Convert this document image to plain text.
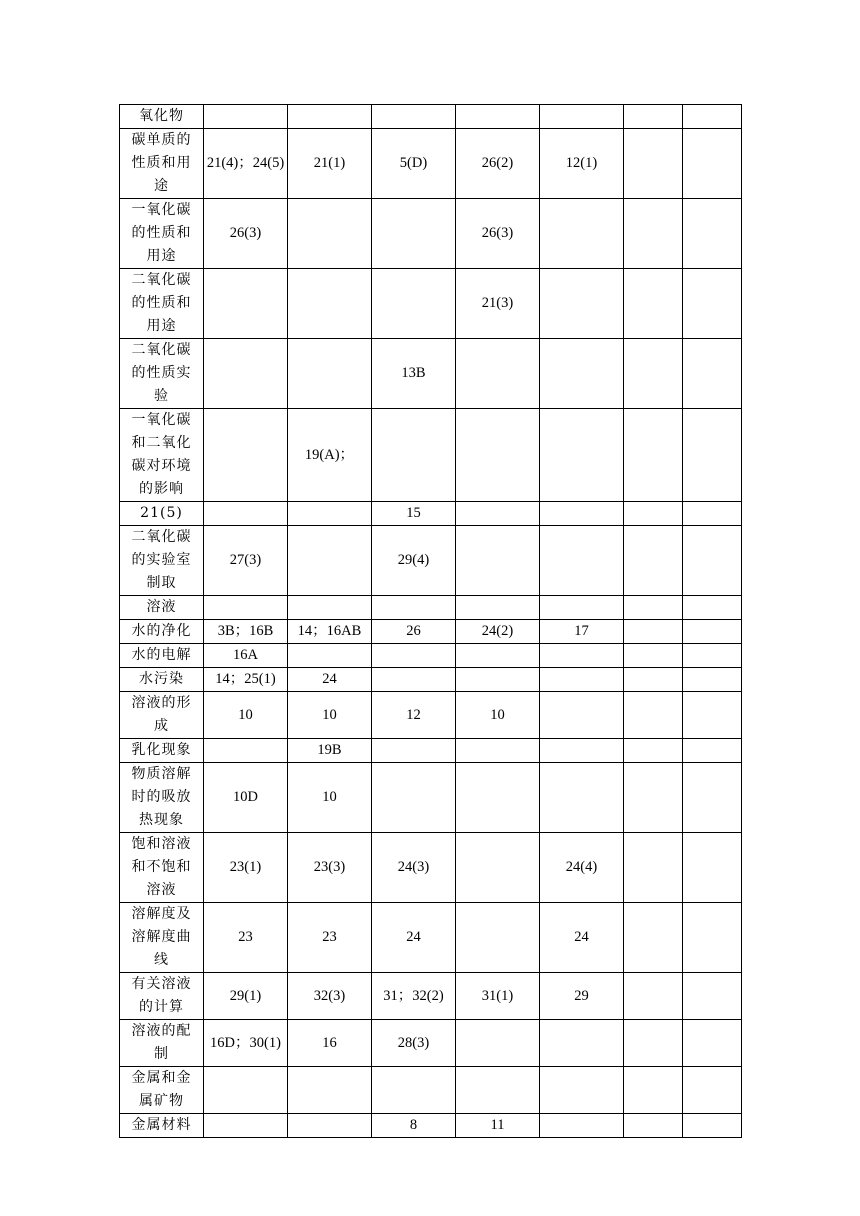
氧化物							
碳单质的性质和用途	21(4)；24(5)	21(1)	5(D)	26(2)	12(1)		
一氧化碳的性质和用途	26(3)			26(3)			
二氧化碳的性质和用途				21(3)			
二氧化碳的性质实验			13B				
一氧化碳和二氧化碳对环境的影响		19(A)；					
21(5)			15				
二氧化碳的实验室制取	27(3)		29(4)				
溶液							
水的净化	3B；16B	14；16AB	26	24(2)	17		
水的电解	16A						
水污染	14；25(1)	24					
溶液的形成	10	10	12	10			
乳化现象		19B					
物质溶解时的吸放热现象	10D	10					
饱和溶液和不饱和溶液	23(1)	23(3)	24(3)		24(4)		
溶解度及溶解度曲线	23	23	24		24		
有关溶液的计算	29(1)	32(3)	31；32(2)	31(1)	29		
溶液的配制	16D；30(1)	16	28(3)				
金属和金属矿物							
金属材料			8	11			
